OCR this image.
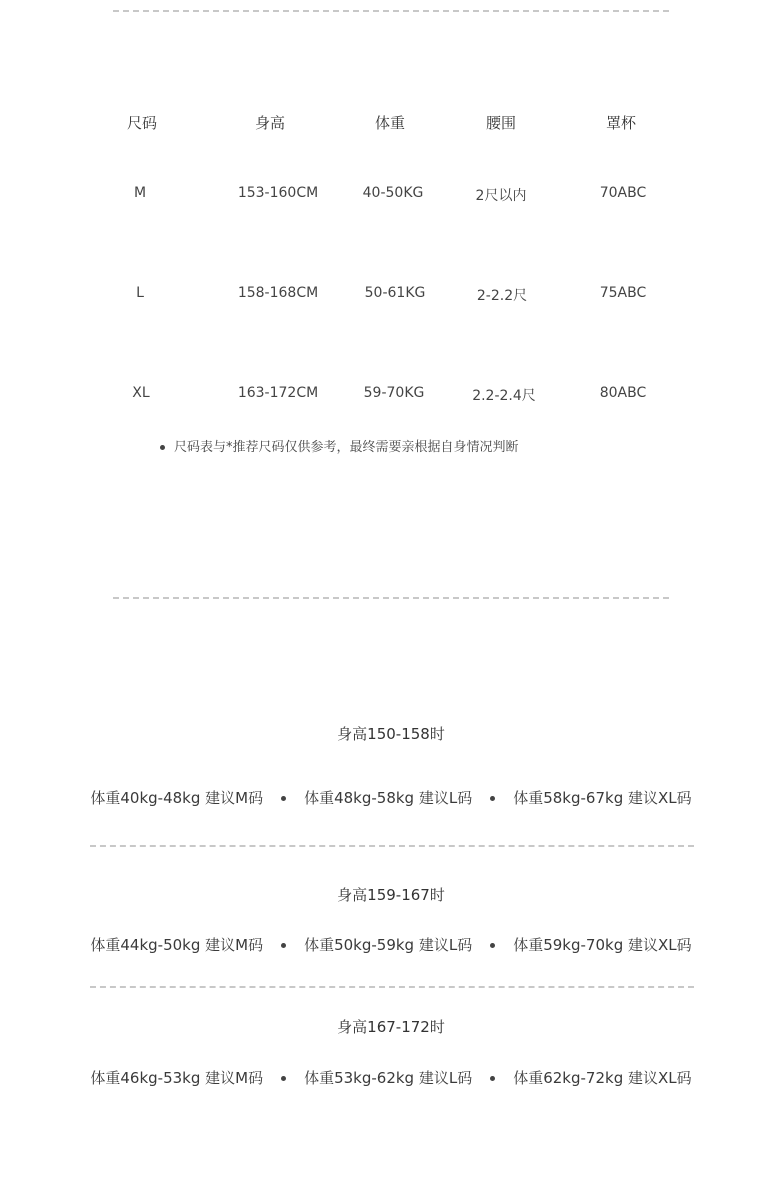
尺码	身高	体重	腰围	罩杯
M	153-160CM	40-50KG	2尺以内	70ABC
L	158-168CM	50-61KG	2-2.2尺	75ABC
XL	163-172CM	59-70KG	2.2-2.4尺	80ABC
尺码表与*推荐尺码仅供参考，最终需要亲根据自身情况判断
身高150-158时
体重40kg-48kg 建议M码	体重48kg-58kg 建议L码	体重58kg-67kg 建议XL码
身高159-167时
体重44kg-50kg 建议M码	体重50kg-59kg 建议L码	体重59kg-70kg 建议XL码
身高167-172时
体重46kg-53kg 建议M码	体重53kg-62kg 建议L码	体重62kg-72kg 建议XL码
